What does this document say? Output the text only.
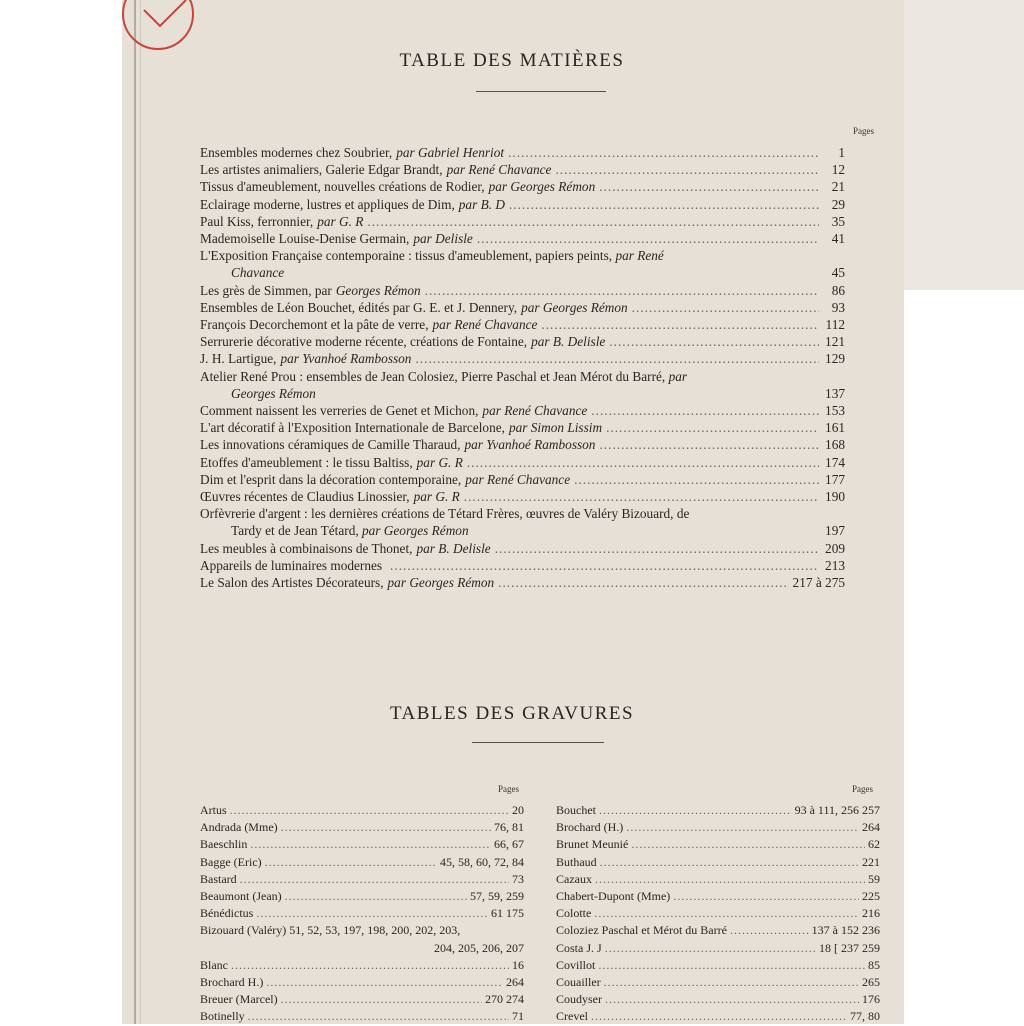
TABLE DES MATIÈRES
Pages
Ensembles modernes chez Soubrier, par Gabriel Henriot .....	1
Les artistes animaliers, Galerie Edgar Brandt, par René Chavance .....	12
Tissus d'ameublement, nouvelles créations de Rodier, par Georges Rémon .....	21
Eclairage moderne, lustres et appliques de Dim, par B. D .....	29
Paul Kiss, ferronnier, par G. R .....	35
Mademoiselle Louise-Denise Germain, par Delisle .....	41
L'Exposition Française contemporaine : tissus d'ameublement, papiers peints, par René
Chavance	45
Les grès de Simmen, par Georges Rémon .....	86
Ensembles de Léon Bouchet, édités par G. E. et J. Dennery, par Georges Rémon .....	93
François Decorchemont et la pâte de verre, par René Chavance .....	112
Serrurerie décorative moderne récente, créations de Fontaine, par B. Delisle .....	121
J. H. Lartigue, par Yvanhoé Rambosson .....	129
Atelier René Prou : ensembles de Jean Colosiez, Pierre Paschal et Jean Mérot du Barré, par
Georges Rémon	137
Comment naissent les verreries de Genet et Michon, par René Chavance .....	153
L'art décoratif à l'Exposition Internationale de Barcelone, par Simon Lissim .....	161
Les innovations céramiques de Camille Tharaud, par Yvanhoé Rambosson .....	168
Etoffes d'ameublement : le tissu Baltiss, par G. R .....	174
Dim et l'esprit dans la décoration contemporaine, par René Chavance .....	177
Œuvres récentes de Claudius Linossier, par G. R .....	190
Orfèvrerie d'argent : les dernières créations de Tétard Frères, œuvres de Valéry Bizouard, de
Tardy et de Jean Tétard,
par Georges Rémon	197
Les meubles à combinaisons de Thonet, par B. Delisle .....	209
Appareils de luminaires modernes .....	213
Le Salon des Artistes Décorateurs, par Georges Rémon .....	217 à 275
TABLES DES GRAVURES
Pages	Pages
Artus .....	20
Andrada (Mme) .....	76, 81
Baeschlin .....	66, 67
Bagge (Eric) .....	45, 58, 60, 72, 84
Bastard .....	73
Beaumont (Jean) .....	57, 59, 259
Bénédictus .....	61 175
Bizouard (Valéry) 51, 52, 53, 197, 198, 200, 202, 203,
204, 205, 206, 207
Blanc .....	16
Brochard H.) .....	264
Breuer (Marcel) .....	270 274
Botinelly .....	71
Bouchet .....	93 à 111, 256 257
Brochard (H.) .....	264
Brunet Meunié .....	62
Buthaud .....	221
Cazaux .....	59
Chabert-Dupont (Mme) .....	225
Colotte .....	216
Coloziez Paschal et Mérot du Barré .....	137 à 152 236
Costa J. J .....	18 [ 237 259
Covillot .....	85
Couailler .....	265
Coudyser .....	176
Crevel .....	77, 80
